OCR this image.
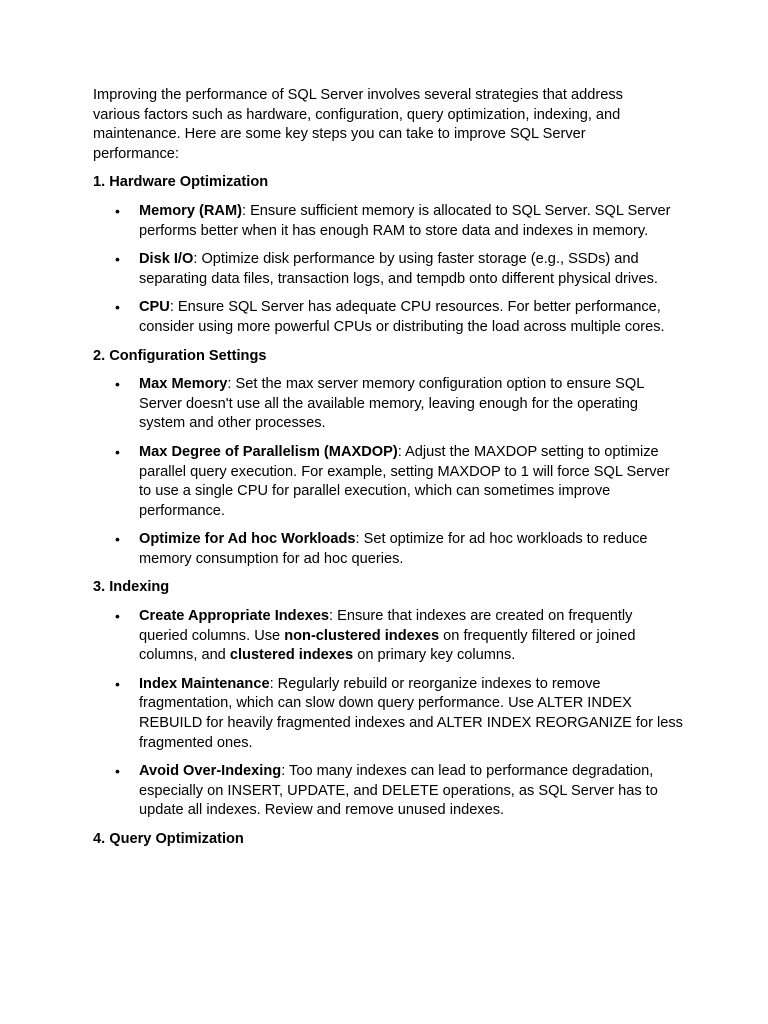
Improving the performance of SQL Server involves several strategies that address various factors such as hardware, configuration, query optimization, indexing, and maintenance. Here are some key steps you can take to improve SQL Server performance:

1. Hardware Optimization
• Memory (RAM): Ensure sufficient memory is allocated to SQL Server. SQL Server performs better when it has enough RAM to store data and indexes in memory.
• Disk I/O: Optimize disk performance by using faster storage (e.g., SSDs) and separating data files, transaction logs, and tempdb onto different physical drives.
• CPU: Ensure SQL Server has adequate CPU resources. For better performance, consider using more powerful CPUs or distributing the load across multiple cores.
2. Configuration Settings
• Max Memory: Set the max server memory configuration option to ensure SQL Server doesn't use all the available memory, leaving enough for the operating system and other processes.
• Max Degree of Parallelism (MAXDOP): Adjust the MAXDOP setting to optimize parallel query execution. For example, setting MAXDOP to 1 will force SQL Server to use a single CPU for parallel execution, which can sometimes improve performance.
• Optimize for Ad hoc Workloads: Set optimize for ad hoc workloads to reduce memory consumption for ad hoc queries.
3. Indexing
• Create Appropriate Indexes: Ensure that indexes are created on frequently queried columns. Use non-clustered indexes on frequently filtered or joined columns, and clustered indexes on primary key columns.
• Index Maintenance: Regularly rebuild or reorganize indexes to remove fragmentation, which can slow down query performance. Use ALTER INDEX REBUILD for heavily fragmented indexes and ALTER INDEX REORGANIZE for less fragmented ones.
• Avoid Over-Indexing: Too many indexes can lead to performance degradation, especially on INSERT, UPDATE, and DELETE operations, as SQL Server has to update all indexes. Review and remove unused indexes.
4. Query Optimization
